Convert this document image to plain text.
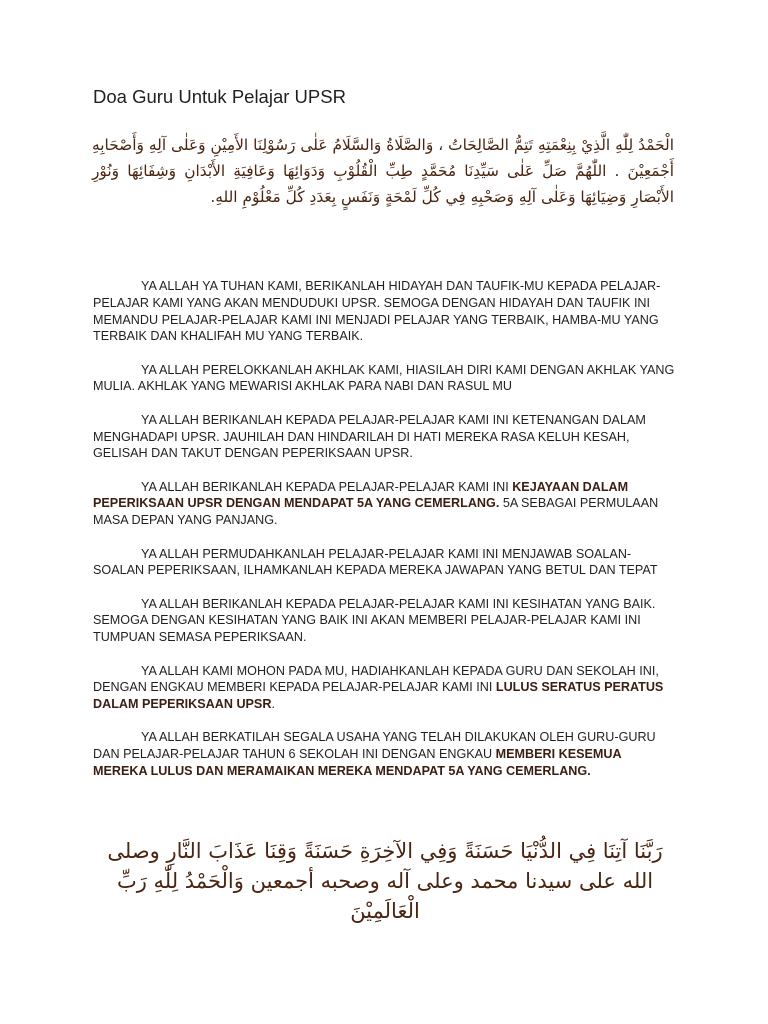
Doa Guru Untuk Pelajar UPSR
الْحَمْدُ لِلّٰهِ الَّذِيْ بِنِعْمَتِهِ تَتِمُّ الصَّالِحَاتُ ، وَالصَّلَاةُ وَالسَّلَامُ عَلٰى رَسُوْلِنَا الأَمِيْنِ وَعَلٰى آلِهِ وَأَصْحَابِهِ أَجْمَعِيْنَ . اللّٰهُمَّ صَلِّ عَلٰى سَيِّدِنَا مُحَمَّدٍ طِبِّ الْقُلُوْبِ وَدَوَائِهَا وَعَافِيَةِ الأَبْدَانِ وَشِفَائِهَا وَنُوْرِ الأَبْصَارِ وَضِيَائِهَا وَعَلٰى آلِهِ وَصَحْبِهِ فِي كُلِّ لَمْحَةٍ وَنَفَسٍ بِعَدَدِ كُلِّ مَعْلُوْمِ اللهِ.

YA ALLAH YA TUHAN KAMI, BERIKANLAH HIDAYAH DAN TAUFIK-MU KEPADA PELAJAR-PELAJAR KAMI YANG AKAN MENDUDUKI UPSR. SEMOGA DENGAN HIDAYAH DAN TAUFIK INI MEMANDU PELAJAR-PELAJAR KAMI INI MENJADI PELAJAR YANG TERBAIK, HAMBA-MU YANG TERBAIK DAN KHALIFAH MU YANG TERBAIK.

YA ALLAH PERELOKKANLAH AKHLAK KAMI, HIASILAH DIRI KAMI DENGAN AKHLAK YANG MULIA. AKHLAK YANG MEWARISI AKHLAK PARA NABI DAN RASUL MU

YA ALLAH BERIKANLAH KEPADA PELAJAR-PELAJAR KAMI INI KETENANGAN DALAM MENGHADAPI UPSR. JAUHILAH DAN HINDARILAH DI HATI MEREKA RASA KELUH KESAH, GELISAH DAN TAKUT DENGAN PEPERIKSAAN UPSR.

YA ALLAH BERIKANLAH KEPADA PELAJAR-PELAJAR KAMI INI KEJAYAAN DALAM PEPERIKSAAN UPSR DENGAN MENDAPAT 5A YANG CEMERLANG. 5A SEBAGAI PERMULAAN MASA DEPAN YANG PANJANG.

YA ALLAH PERMUDAHKANLAH PELAJAR-PELAJAR KAMI INI MENJAWAB SOALAN-SOALAN PEPERIKSAAN, ILHAMKANLAH KEPADA MEREKA JAWAPAN YANG BETUL DAN TEPAT

YA ALLAH BERIKANLAH KEPADA PELAJAR-PELAJAR KAMI INI KESIHATAN YANG BAIK. SEMOGA DENGAN KESIHATAN YANG BAIK INI AKAN MEMBERI PELAJAR-PELAJAR KAMI INI TUMPUAN SEMASA PEPERIKSAAN.

YA ALLAH KAMI MOHON PADA MU, HADIAHKANLAH KEPADA GURU DAN SEKOLAH INI, DENGAN ENGKAU MEMBERI KEPADA PELAJAR-PELAJAR KAMI INI LULUS SERATUS PERATUS DALAM PEPERIKSAAN UPSR.

YA ALLAH BERKATILAH SEGALA USAHA YANG TELAH DILAKUKAN OLEH GURU-GURU DAN PELAJAR-PELAJAR TAHUN 6 SEKOLAH INI DENGAN ENGKAU MEMBERI KESEMUA MEREKA LULUS DAN MERAMAIKAN MEREKA MENDAPAT 5A YANG CEMERLANG.

رَبَّنَا آتِنَا فِي الدُّنْيَا حَسَنَةً وَفِي الآخِرَةِ حَسَنَةً وَقِنَا عَذَابَ النَّارِ وصلى الله على سيدنا محمد وعلى آله وصحبه أجمعين وَالْحَمْدُ لِلّٰهِ رَبِّ الْعَالَمِيْنَ
